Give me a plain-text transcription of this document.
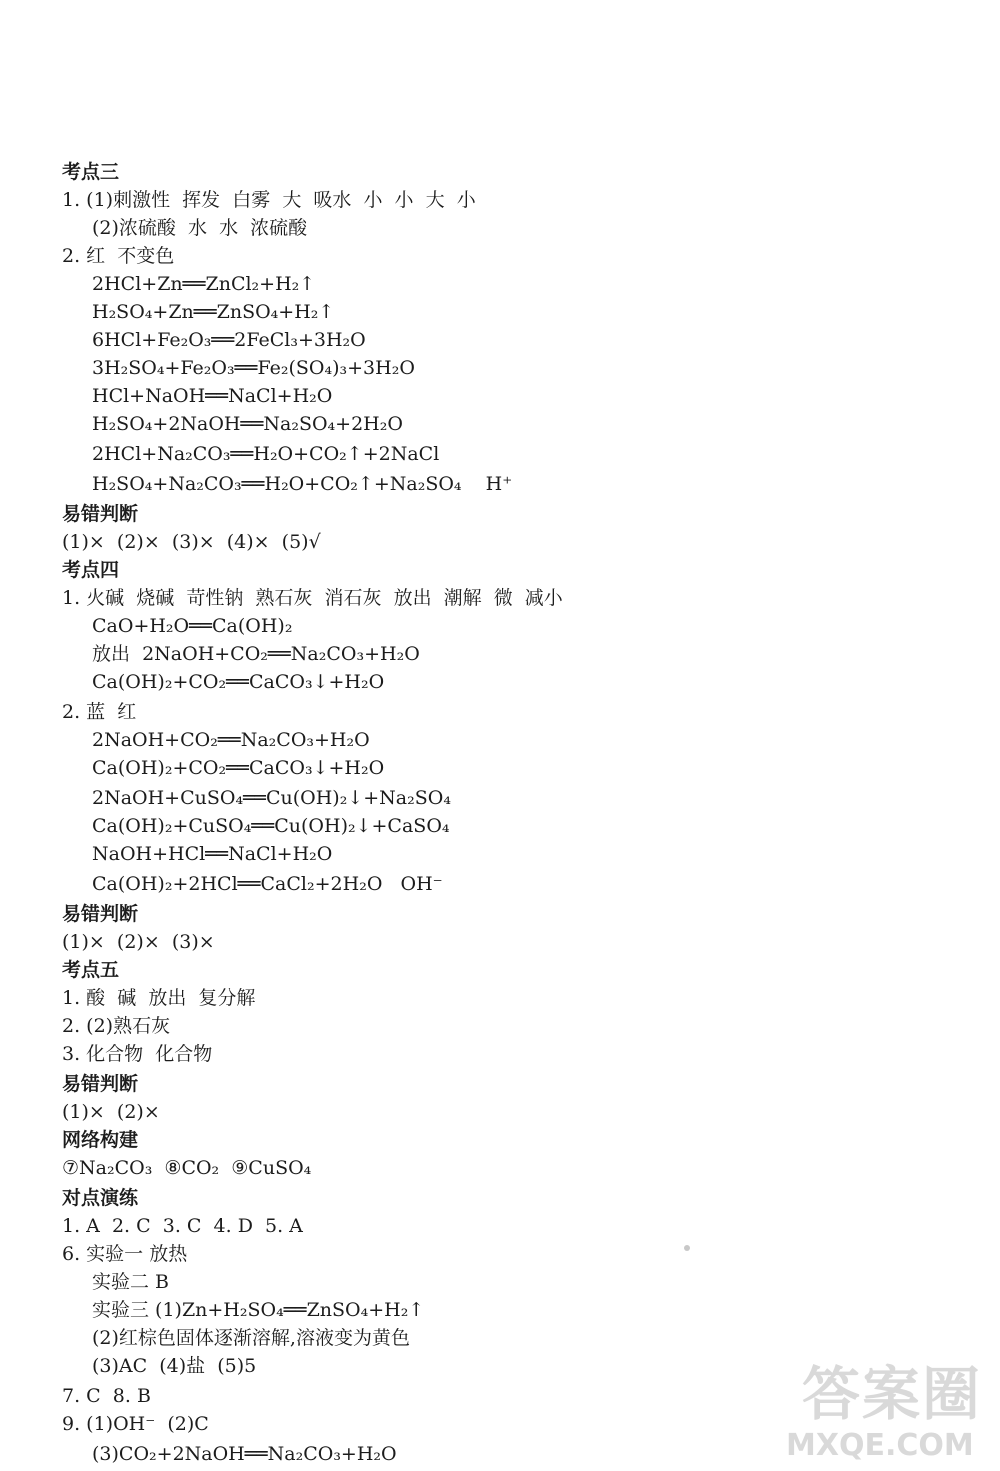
考点三
1. (1)刺激性  挥发  白雾  大  吸水  小  小  大  小
(2)浓硫酸  水  水  浓硫酸
2. 红  不变色
2HCl+Zn══ZnCl₂+H₂↑
H₂SO₄+Zn══ZnSO₄+H₂↑
6HCl+Fe₂O₃══2FeCl₃+3H₂O
3H₂SO₄+Fe₂O₃══Fe₂(SO₄)₃+3H₂O
HCl+NaOH══NaCl+H₂O
H₂SO₄+2NaOH══Na₂SO₄+2H₂O
2HCl+Na₂CO₃══H₂O+CO₂↑+2NaCl
H₂SO₄+Na₂CO₃══H₂O+CO₂↑+Na₂SO₄    H⁺
易错判断
(1)×  (2)×  (3)×  (4)×  (5)√
考点四
1. 火碱  烧碱  苛性钠  熟石灰  消石灰  放出  潮解  微  减小
CaO+H₂O══Ca(OH)₂
放出  2NaOH+CO₂══Na₂CO₃+H₂O
Ca(OH)₂+CO₂══CaCO₃↓+H₂O
2. 蓝  红
2NaOH+CO₂══Na₂CO₃+H₂O
Ca(OH)₂+CO₂══CaCO₃↓+H₂O
2NaOH+CuSO₄══Cu(OH)₂↓+Na₂SO₄
Ca(OH)₂+CuSO₄══Cu(OH)₂↓+CaSO₄
NaOH+HCl══NaCl+H₂O
Ca(OH)₂+2HCl══CaCl₂+2H₂O   OH⁻
易错判断
(1)×  (2)×  (3)×
考点五
1. 酸  碱  放出  复分解
2. (2)熟石灰
3. 化合物  化合物
易错判断
(1)×  (2)×
网络构建
⑦Na₂CO₃  ⑧CO₂  ⑨CuSO₄
对点演练
1. A  2. C  3. C  4. D  5. A
6. 实验一 放热
实验二 B
实验三 (1)Zn+H₂SO₄══ZnSO₄+H₂↑
(2)红棕色固体逐渐溶解,溶液变为黄色
(3)AC  (4)盐  (5)5
7. C  8. B
9. (1)OH⁻  (2)C
(3)CO₂+2NaOH══Na₂CO₃+H₂O
答案圈
MXQE.COM
